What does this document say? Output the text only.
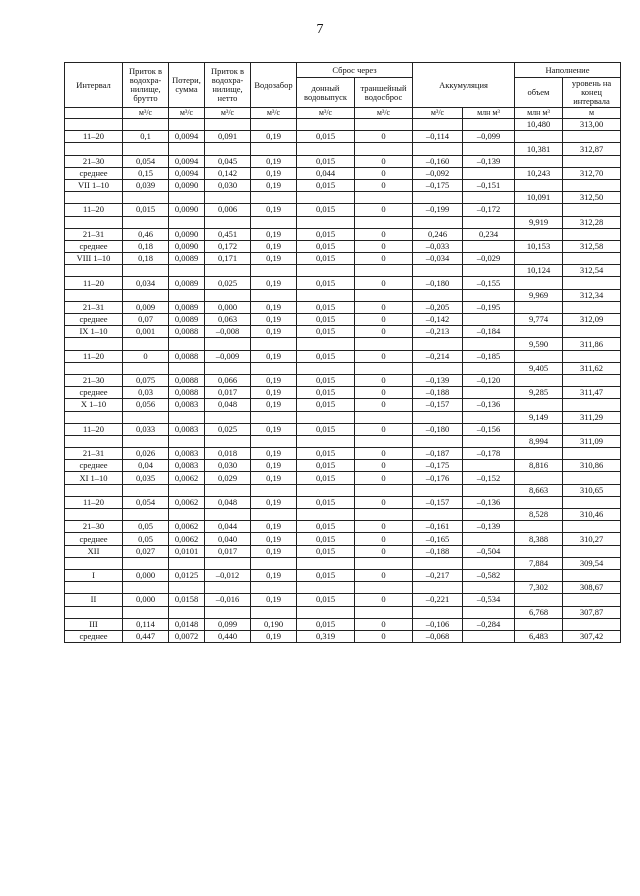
7
Интервал	Приток в водохра-нилище, брутто	Потери, сумма	Приток в водохра-нилище, нетто	Водозабор	Сброс через		Аккумуляция		Наполнение	
					донный водовыпуск	траншейный водосброс			объем	уровень на конец интервала
	м³/с	м³/с	м³/с	м³/с	м³/с	м³/с	м³/с	млн м³	млн м³	м
									10,480	313,00
11–20	0,1	0,0094	0,091	0,19	0,015	0	–0,114	–0,099		
									10,381	312,87
21–30	0,054	0,0094	0,045	0,19	0,015	0	–0,160	–0,139		
среднее	0,15	0,0094	0,142	0,19	0,044	0	–0,092		10,243	312,70
VII 1–10	0,039	0,0090	0,030	0,19	0,015	0	–0,175	–0,151		
									10,091	312,50
11–20	0,015	0,0090	0,006	0,19	0,015	0	–0,199	–0,172		
									9,919	312,28
21–31	0,46	0,0090	0,451	0,19	0,015	0	0,246	0,234		
среднее	0,18	0,0090	0,172	0,19	0,015	0	–0,033		10,153	312,58
VIII 1–10	0,18	0,0089	0,171	0,19	0,015	0	–0,034	–0,029		
									10,124	312,54
11–20	0,034	0,0089	0,025	0,19	0,015	0	–0,180	–0,155		
									9,969	312,34
21–31	0,009	0,0089	0,000	0,19	0,015	0	–0,205	–0,195		
среднее	0,07	0,0089	0,063	0,19	0,015	0	–0,142		9,774	312,09
IX 1–10	0,001	0,0088	–0,008	0,19	0,015	0	–0,213	–0,184		
									9,590	311,86
11–20	0	0,0088	–0,009	0,19	0,015	0	–0,214	–0,185		
									9,405	311,62
21–30	0,075	0,0088	0,066	0,19	0,015	0	–0,139	–0,120		
среднее	0,03	0,0088	0,017	0,19	0,015	0	–0,188		9,285	311,47
X 1–10	0,056	0,0083	0,048	0,19	0,015	0	–0,157	–0,136		
									9,149	311,29
11–20	0,033	0,0083	0,025	0,19	0,015	0	–0,180	–0,156		
									8,994	311,09
21–31	0,026	0,0083	0,018	0,19	0,015	0	–0,187	–0,178		
среднее	0,04	0,0083	0,030	0,19	0,015	0	–0,175		8,816	310,86
XI 1–10	0,035	0,0062	0,029	0,19	0,015	0	–0,176	–0,152		
									8,663	310,65
11–20	0,054	0,0062	0,048	0,19	0,015	0	–0,157	–0,136		
									8,528	310,46
21–30	0,05	0,0062	0,044	0,19	0,015	0	–0,161	–0,139		
среднее	0,05	0,0062	0,040	0,19	0,015	0	–0,165		8,388	310,27
XII	0,027	0,0101	0,017	0,19	0,015	0	–0,188	–0,504		
									7,884	309,54
I	0,000	0,0125	–0,012	0,19	0,015	0	–0,217	–0,582		
									7,302	308,67
II	0,000	0,0158	–0,016	0,19	0,015	0	–0,221	–0,534		
									6,768	307,87
III	0,114	0,0148	0,099	0,190	0,015	0	–0,106	–0,284		
среднее	0,447	0,0072	0,440	0,19	0,319	0	–0,068		6,483	307,42
